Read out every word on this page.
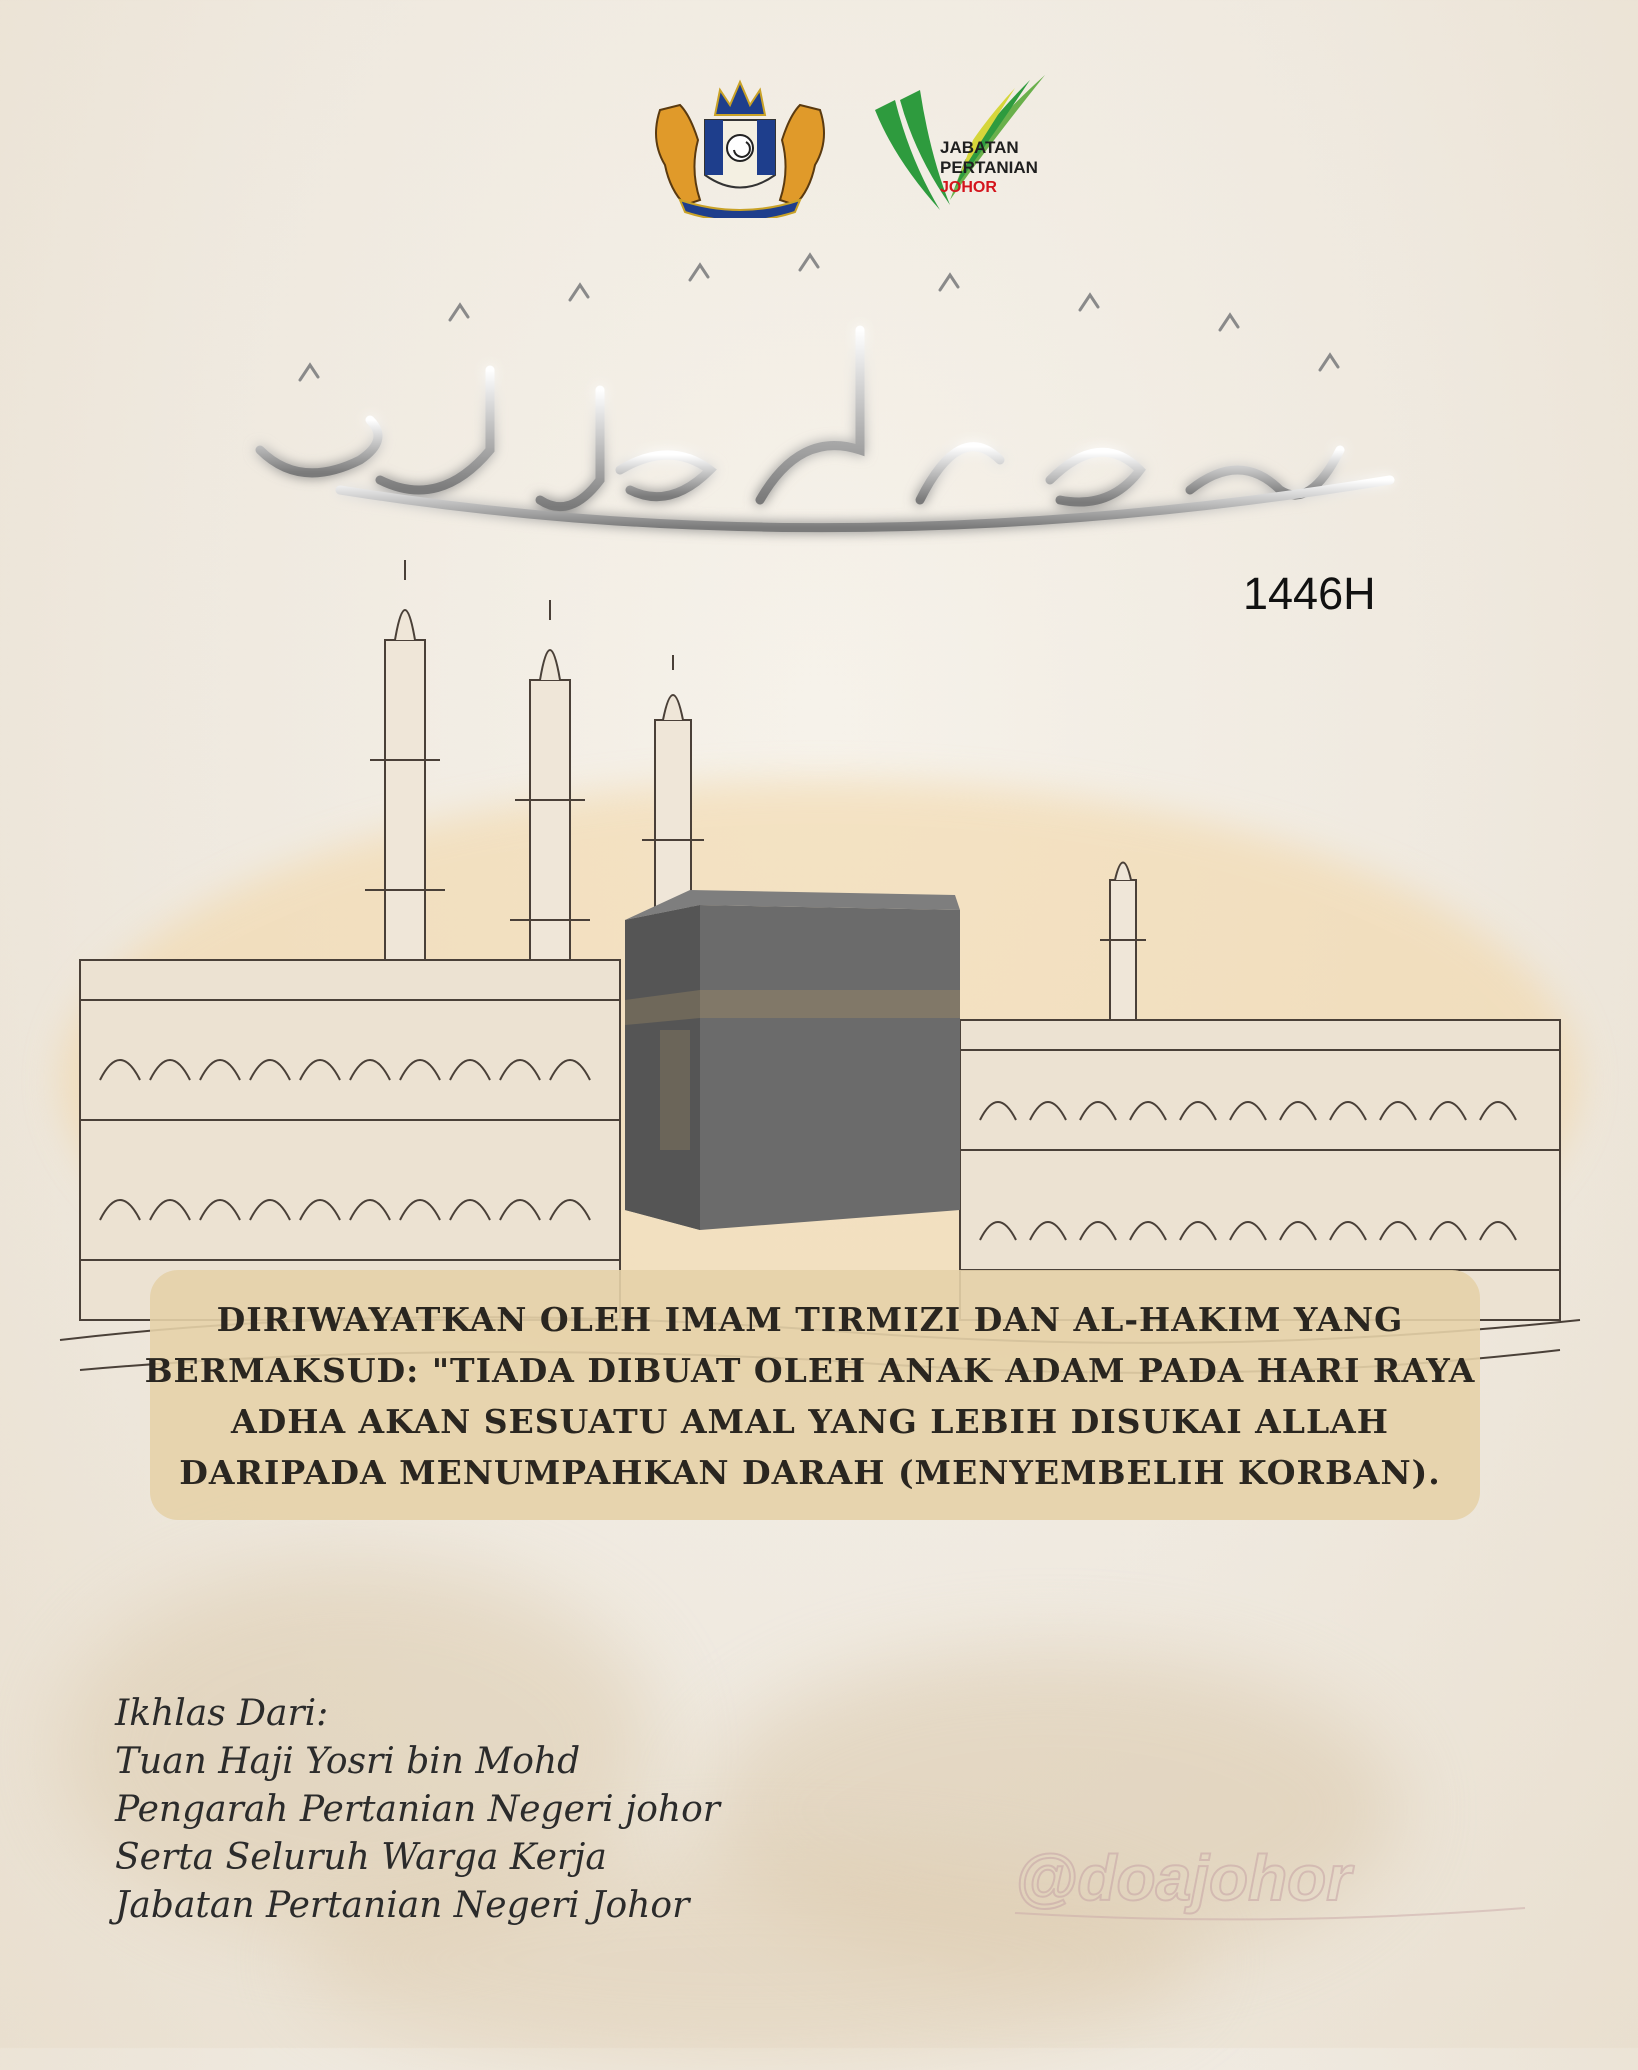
JABATAN
PERTANIAN
JOHOR
1446H
DIRIWAYATKAN OLEH IMAM TIRMIZI DAN AL-HAKIM YANG
BERMAKSUD: "TIADA DIBUAT OLEH ANAK ADAM PADA HARI RAYA
ADHA AKAN SESUATU AMAL YANG LEBIH DISUKAI ALLAH
DARIPADA MENUMPAHKAN DARAH (MENYEMBELIH KORBAN).
Ikhlas Dari:
Tuan Haji Yosri bin Mohd
Pengarah Pertanian Negeri johor
Serta Seluruh Warga Kerja
Jabatan Pertanian Negeri Johor	@doajohor
